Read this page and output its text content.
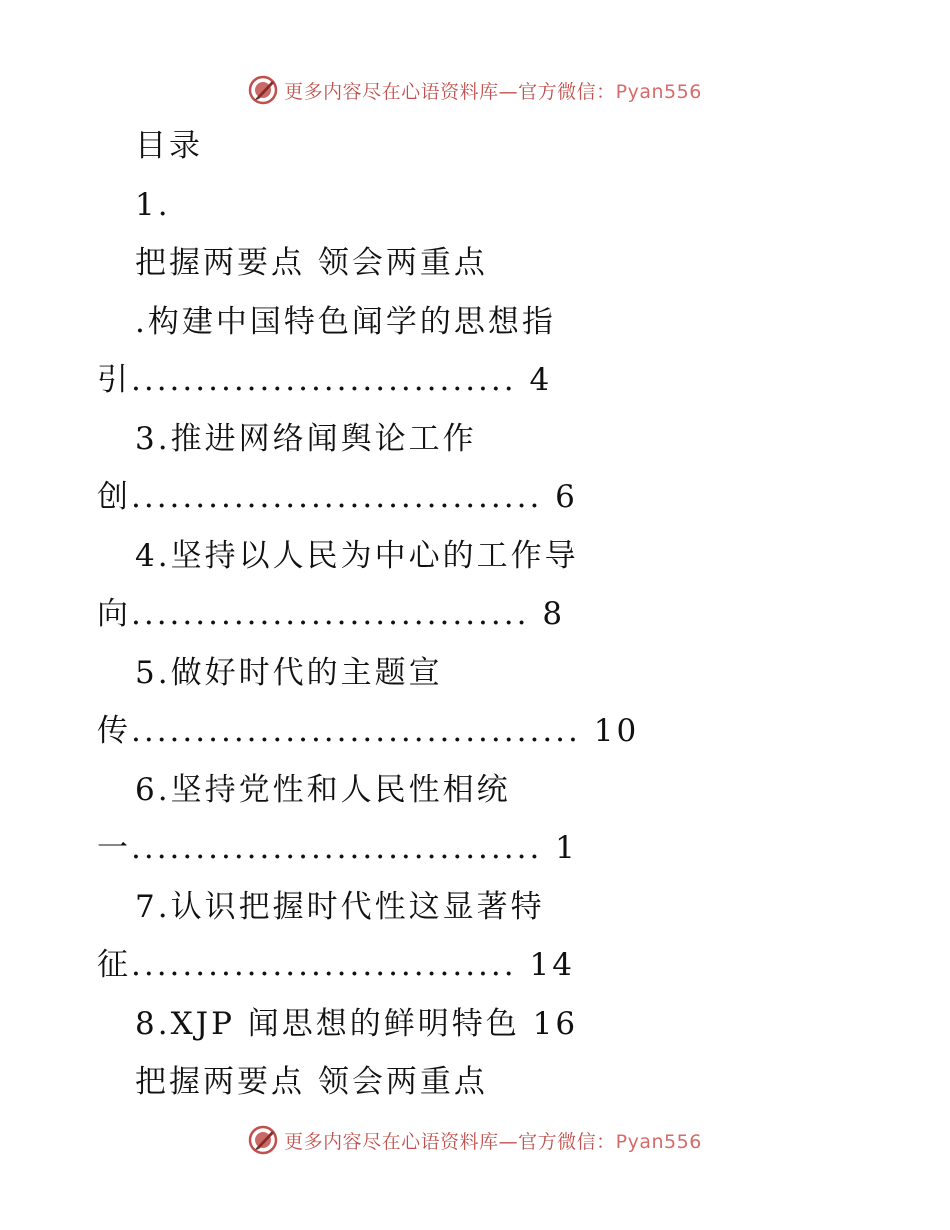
更多内容尽在心语资料库—官方微信：Pyan556
目录
1.
把握两要点 领会两重点
.构建中国特色闻学的思想指
引.............................. 4
3.推进网络闻舆论工作
创................................ 6
4.坚持以人民为中心的工作导
向............................... 8
5.做好时代的主题宣
传................................... 10
6.坚持党性和人民性相统
一................................ 1
7.认识把握时代性这显著特
征.............................. 14
8.XJP 闻思想的鲜明特色 16
把握两要点 领会两重点
更多内容尽在心语资料库—官方微信：Pyan556
